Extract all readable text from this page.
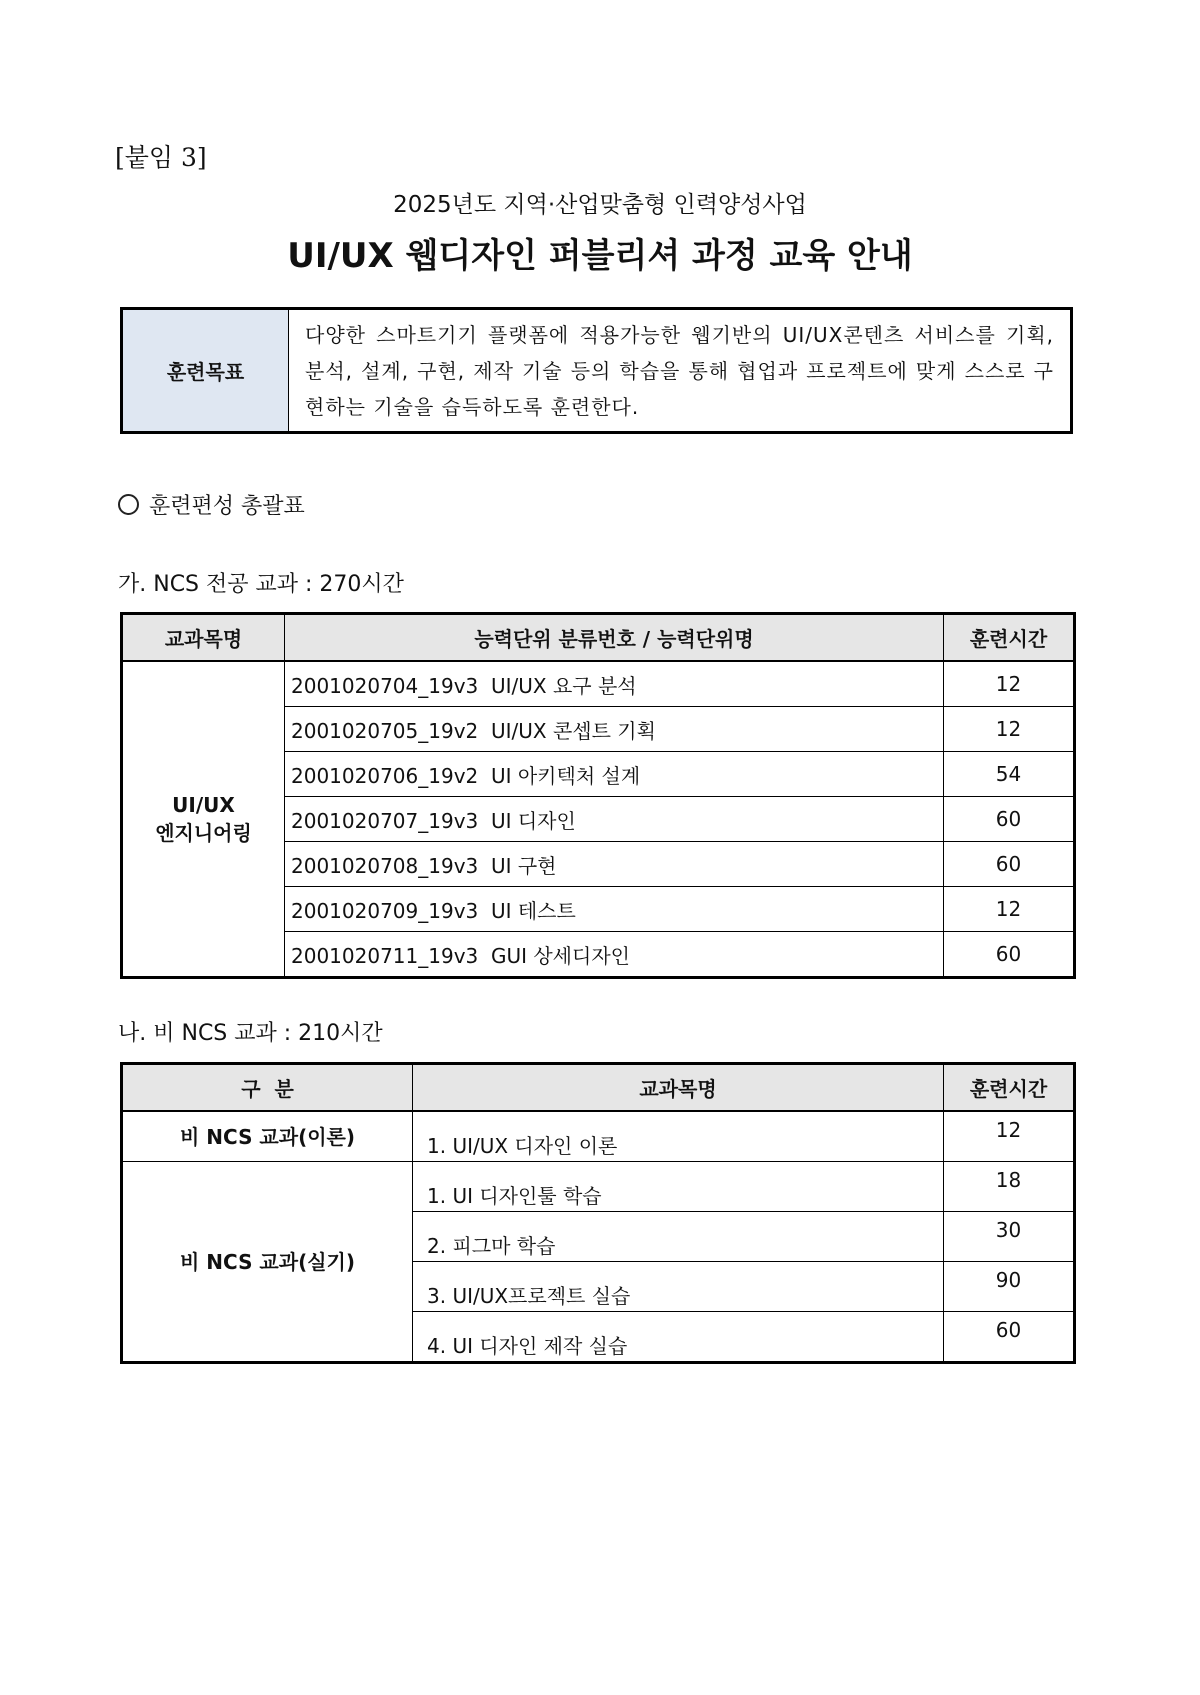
[붙임 3]
2025년도 지역·산업맞춤형 인력양성사업
UI/UX 웹디자인 퍼블리셔 과정 교육 안내
훈련목표	다양한 스마트기기 플랫폼에 적용가능한 웹기반의 UI/UX콘텐츠 서비스를 기획, 분석, 설계, 구현, 제작 기술 등의 학습을 통해 협업과 프로젝트에 맞게 스스로 구현하는 기술을 습득하도록 훈련한다.
훈련편성 총괄표
가. NCS 전공 교과 : 270시간
교과목명	능력단위 분류번호 / 능력단위명	훈련시간

UI/UX
엔지니어링	2001020704_19v3  UI/UX 요구 분석	12
	2001020705_19v2  UI/UX 콘셉트 기획	12
	2001020706_19v2  UI 아키텍처 설계	54
	2001020707_19v3  UI 디자인	60
	2001020708_19v3  UI 구현	60
	2001020709_19v3  UI 테스트	12
	2001020711_19v3  GUI 상세디자인	60
나. 비 NCS 교과 : 210시간
구  분	교과목명	훈련시간
비 NCS 교과(이론)	1. UI/UX 디자인 이론	12
비 NCS 교과(실기)	1. UI 디자인툴 학습	18
	2. 피그마 학습	30
	3. UI/UX프로젝트 실습	90
	4. UI 디자인 제작 실습	60
